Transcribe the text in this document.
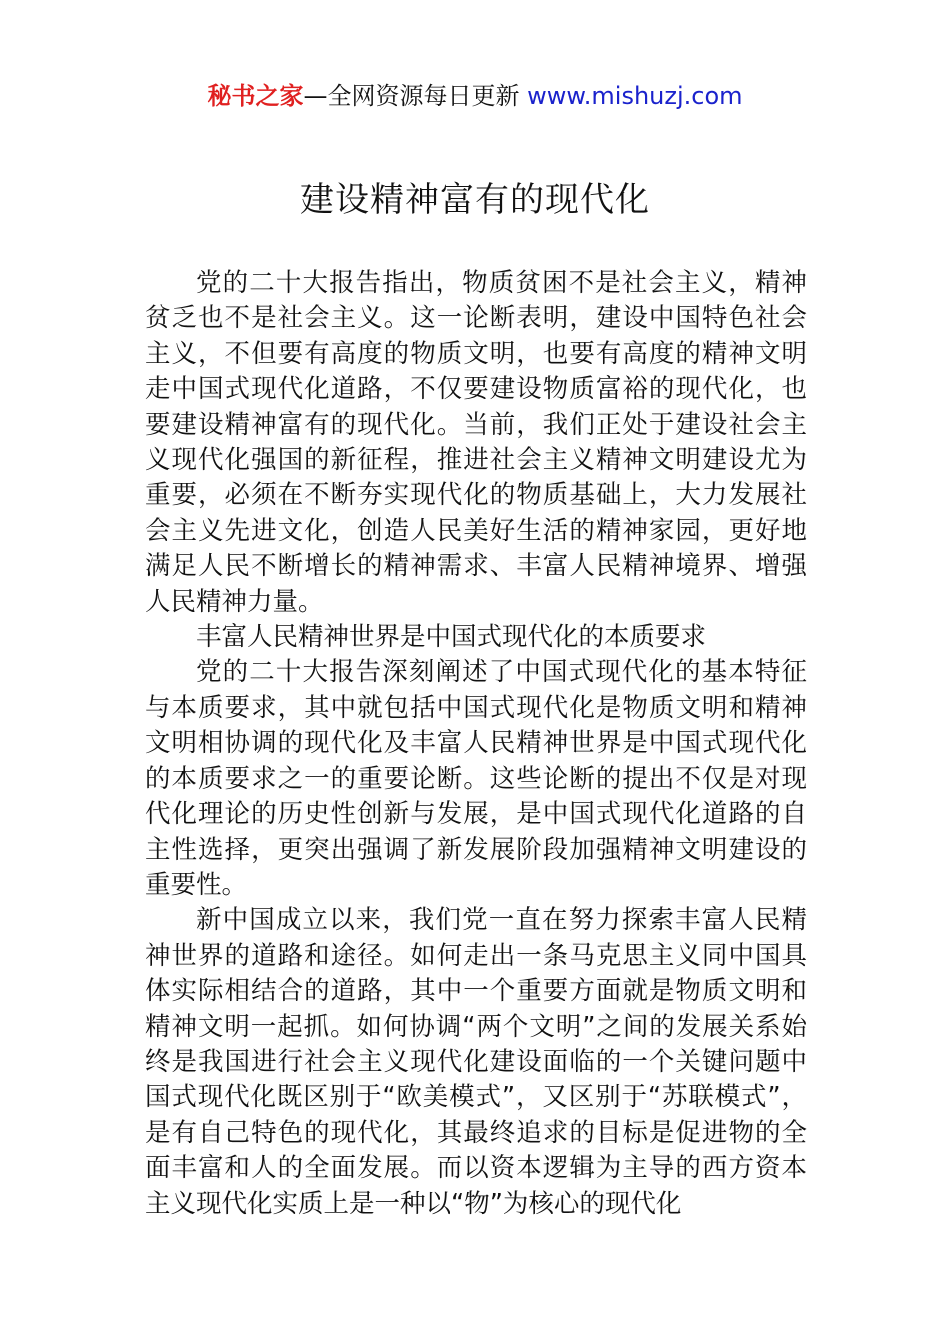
秘书之家—全网资源每日更新 www.mishuzj.com
建设精神富有的现代化

党的二十大报告指出，物质贫困不是社会主义，精神贫乏也不是社会主义。这一论断表明，建设中国特色社会主义，不但要有高度的物质文明，也要有高度的精神文明走中国式现代化道路，不仅要建设物质富裕的现代化，也要建设精神富有的现代化。当前，我们正处于建设社会主义现代化强国的新征程，推进社会主义精神文明建设尤为重要，必须在不断夯实现代化的物质基础上，大力发展社会主义先进文化，创造人民美好生活的精神家园，更好地满足人民不断增长的精神需求、丰富人民精神境界、增强人民精神力量。

丰富人民精神世界是中国式现代化的本质要求

党的二十大报告深刻阐述了中国式现代化的基本特征与本质要求，其中就包括中国式现代化是物质文明和精神文明相协调的现代化及丰富人民精神世界是中国式现代化的本质要求之一的重要论断。这些论断的提出不仅是对现代化理论的历史性创新与发展，是中国式现代化道路的自主性选择，更突出强调了新发展阶段加强精神文明建设的重要性。

新中国成立以来，我们党一直在努力探索丰富人民精神世界的道路和途径。如何走出一条马克思主义同中国具体实际相结合的道路，其中一个重要方面就是物质文明和精神文明一起抓。如何协调“两个文明”之间的发展关系始终是我国进行社会主义现代化建设面临的一个关键问题中国式现代化既区别于“欧美模式”，又区别于“苏联模式”，是有自己特色的现代化，其最终追求的目标是促进物的全面丰富和人的全面发展。而以资本逻辑为主导的西方资本主义现代化实质上是一种以“物”为核心的现代化
